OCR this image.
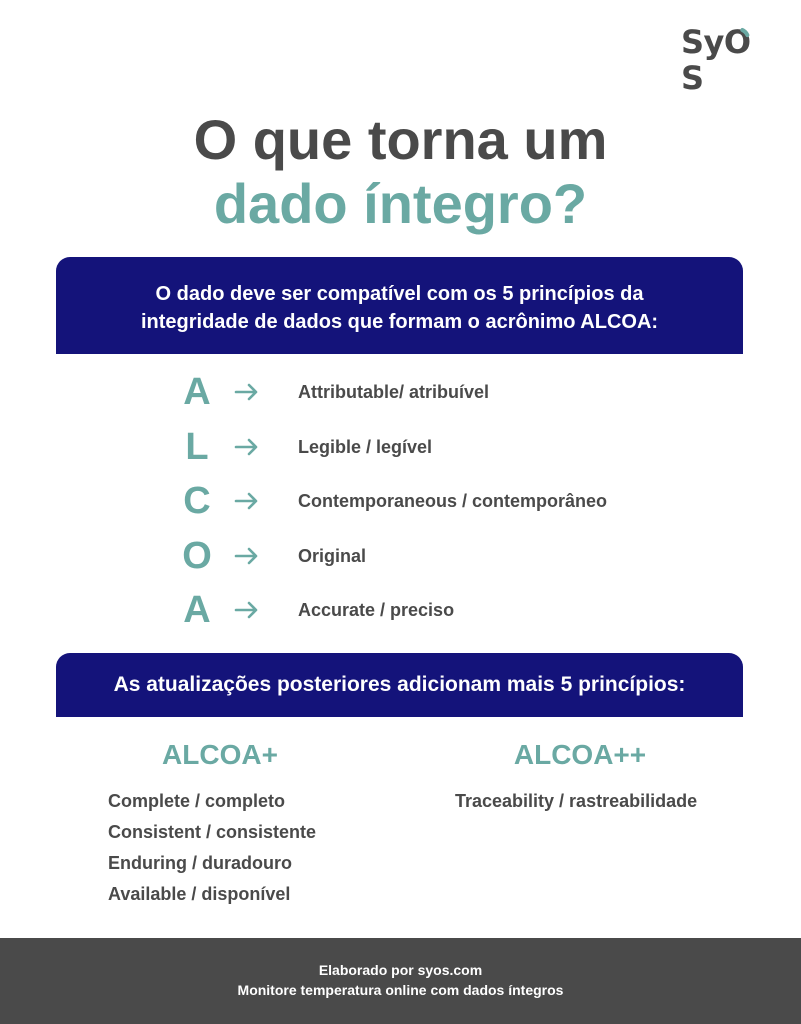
SyO
S
O que torna um
dado íntegro?
O dado deve ser compatível com os 5 princípios da
integridade de dados que formam o acrônimo ALCOA:
A	Attributable/ atribuível
L	Legible / legível
C	Contemporaneous / contemporâneo
O	Original
A	Accurate / preciso
As atualizações posteriores adicionam mais 5 princípios:
ALCOA+
Complete / completo
Consistent / consistente
Enduring / duradouro
Available / disponível
ALCOA++
Traceability / rastreabilidade
Elaborado por syos.com
Monitore temperatura online com dados íntegros
